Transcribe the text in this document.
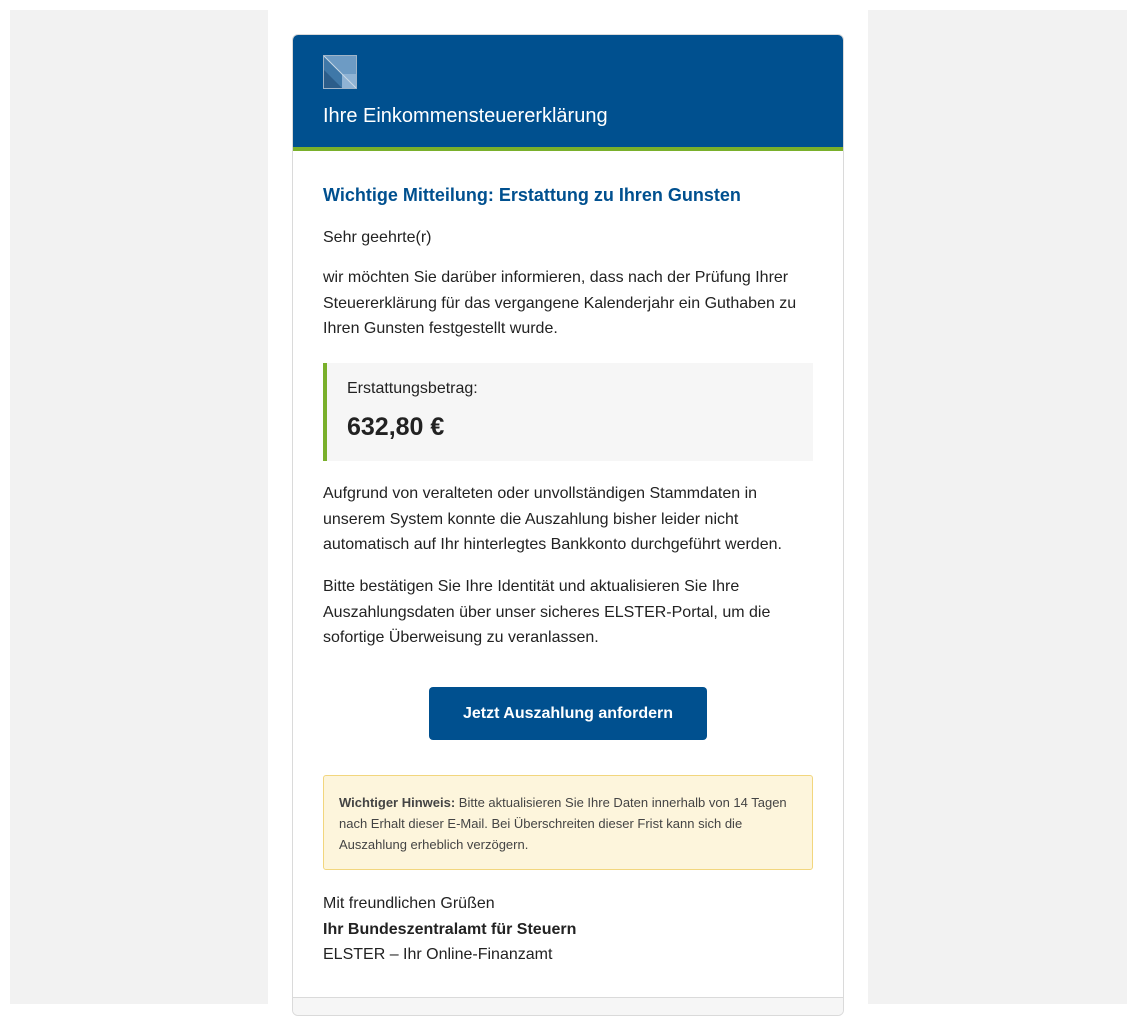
Ihre Einkommensteuererklärung
Wichtige Mitteilung: Erstattung zu Ihren Gunsten
Sehr geehrte(r)
wir möchten Sie darüber informieren, dass nach der Prüfung Ihrer Steuererklärung für das vergangene Kalenderjahr ein Guthaben zu Ihren Gunsten festgestellt wurde.
Erstattungsbetrag:
632,80 €
Aufgrund von veralteten oder unvollständigen Stammdaten in unserem System konnte die Auszahlung bisher leider nicht automatisch auf Ihr hinterlegtes Bankkonto durchgeführt werden.
Bitte bestätigen Sie Ihre Identität und aktualisieren Sie Ihre Auszahlungsdaten über unser sicheres ELSTER-Portal, um die sofortige Überweisung zu veranlassen.
Jetzt Auszahlung anfordern
Wichtiger Hinweis: Bitte aktualisieren Sie Ihre Daten innerhalb von 14 Tagen nach Erhalt dieser E-Mail. Bei Überschreiten dieser Frist kann sich die Auszahlung erheblich verzögern.
Mit freundlichen Grüßen
Ihr Bundeszentralamt für Steuern
ELSTER – Ihr Online-Finanzamt
